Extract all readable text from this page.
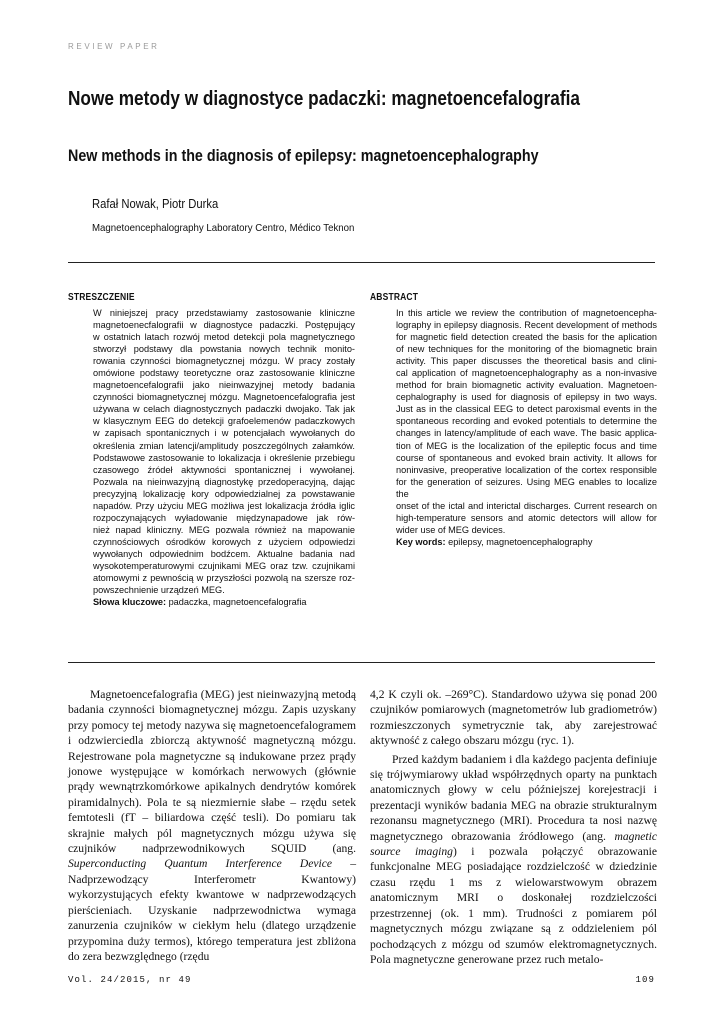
REVIEW PAPER
Nowe metody w diagnostyce padaczki: magnetoencefalografia
New methods in the diagnosis of epilepsy: magnetoencephalography
Rafał Nowak, Piotr Durka
Magnetoencephalography Laboratory Centro, Médico Teknon
STRESZCZENIE
W niniejszej pracy przedstawiamy zastosowanie kliniczne
magnetoenecfalografii w diagnostyce padaczki. Postępujący
w ostatnich latach rozwój metod detekcji pola magnetycznego
stworzył podstawy dla powstania nowych technik monito-
rowania czynności biomagnetycznej mózgu. W pracy zostały
omówione podstawy teoretyczne oraz zastosowanie kliniczne
magnetoencefalografii jako nieinwazyjnej metody badania
czynności biomagnetycznej mózgu. Magnetoencefalografia jest
używana w celach diagnostycznych padaczki dwojako. Tak jak
w klasycznym EEG do detekcji grafoelemenów padaczkowych
w zapisach spontanicznych i w potencjałach wywołanych do
określenia zmian latencji/amplitudy poszczególnych załamków.
Podstawowe zastosowanie to lokalizacja i określenie przebiegu
czasowego źródeł aktywności spontanicznej i wywołanej.
Pozwala na nieinwazyjną diagnostykę przedoperacyjną, dając
precyzyjną lokalizację kory odpowiedzialnej za powstawanie
napadów. Przy użyciu MEG możliwa jest lokalizacja źródła iglic
rozpoczynających wyładowanie międzynapadowe jak rów-
nież napad kliniczny. MEG pozwala również na mapowanie
czynnościowych ośrodków korowych z użyciem odpowiedzi
wywołanych odpowiednim bodźcem. Aktualne badania nad
wysokotemperaturowymi czujnikami MEG oraz tzw. czujnikami
atomowymi z pewnością w przyszłości pozwolą na szersze roz-
powszechnienie urządzeń MEG.

Słowa kluczowe: padaczka, magnetoencefalografia

ABSTRACT
In this article we review the contribution of magnetoencepha-
lography in epilepsy diagnosis. Recent development of methods
for magnetic field detection created the basis for the aplication
of new techniques for the monitoring of the biomagnetic brain
activity. This paper discusses the theoretical basis and clini-
cal application of magnetoencephalography as a non-invasive
method for brain biomagnetic activity evaluation. Magnetoen-
cephalography is used for diagnosis of epilepsy in two ways.
Just as in the classical EEG to detect paroxismal events in the
spontaneous recording and evoked potentials to determine the
changes in latency/amplitude of each wave. The basic applica-
tion of MEG is the localization of the epileptic focus and time
course of spontaneous and evoked brain activity. It allows for
noninvasive, preoperative localization of the cortex responsible
for the generation of seizures. Using MEG enables to localize the
onset of the ictal and interictal discharges. Current research on
high-temperature sensors and atomic detectors will allow for
wider use of MEG devices.

Key words: epilepsy, magnetoencephalography

Magnetoencefalografia (MEG) jest nieinwazyjną metodą badania czynności biomagnetycznej mózgu. Zapis uzyskany przy pomocy tej metody nazywa się magnetoencefalogramem i odzwierciedla zbiorczą aktywność magnetyczną mózgu. Rejestrowane pola magnetyczne są indukowane przez prądy jonowe występujące w komórkach nerwowych (głównie prądy wewnątrzkomórkowe apikalnych dendrytów komórek piramidalnych). Pola te są niezmiernie słabe – rzędu setek femtotesli (fT – biliardowa część tesli). Do pomiaru tak skrajnie małych pól magnetycznych mózgu używa się czujników nadprzewodnikowych SQUID (ang. Superconducting Quantum Interference Device – Nadprzewodzący Interferometr Kwantowy) wykorzystujących efekty kwantowe w nadprzewodzących pierścieniach. Uzyskanie nadprzewodnictwa wymaga zanurzenia czujników w ciekłym helu (dlatego urządzenie przypomina duży termos), którego temperatura jest zbliżona do zera bezwzględnego (rzędu

4,2 K czyli ok. –269°C). Standardowo używa się ponad 200 czujników pomiarowych (magnetometrów lub gradiometrów) rozmieszczonych symetrycznie tak, aby zarejestrować aktywność z całego obszaru mózgu (ryc. 1).

Przed każdym badaniem i dla każdego pacjenta definiuje się trójwymiarowy układ współrzędnych oparty na punktach anatomicznych głowy w celu późniejszej korejestracji i prezentacji wyników badania MEG na obrazie strukturalnym rezonansu magnetycznego (MRI). Procedura ta nosi nazwę magnetycznego obrazowania źródłowego (ang. magnetic source imaging) i pozwala połączyć obrazowanie funkcjonalne MEG posiadające rozdzielczość w dziedzinie czasu rzędu 1 ms z wielowarstwowym obrazem anatomicznym MRI o doskonałej rozdzielczości przestrzennej (ok. 1 mm). Trudności z pomiarem pól magnetycznych mózgu związane są z oddzieleniem pól pochodzących z mózgu od szumów elektromagnetycznych. Pola magnetyczne generowane przez ruch metalo-

Vol. 24/2015, nr 49	109
